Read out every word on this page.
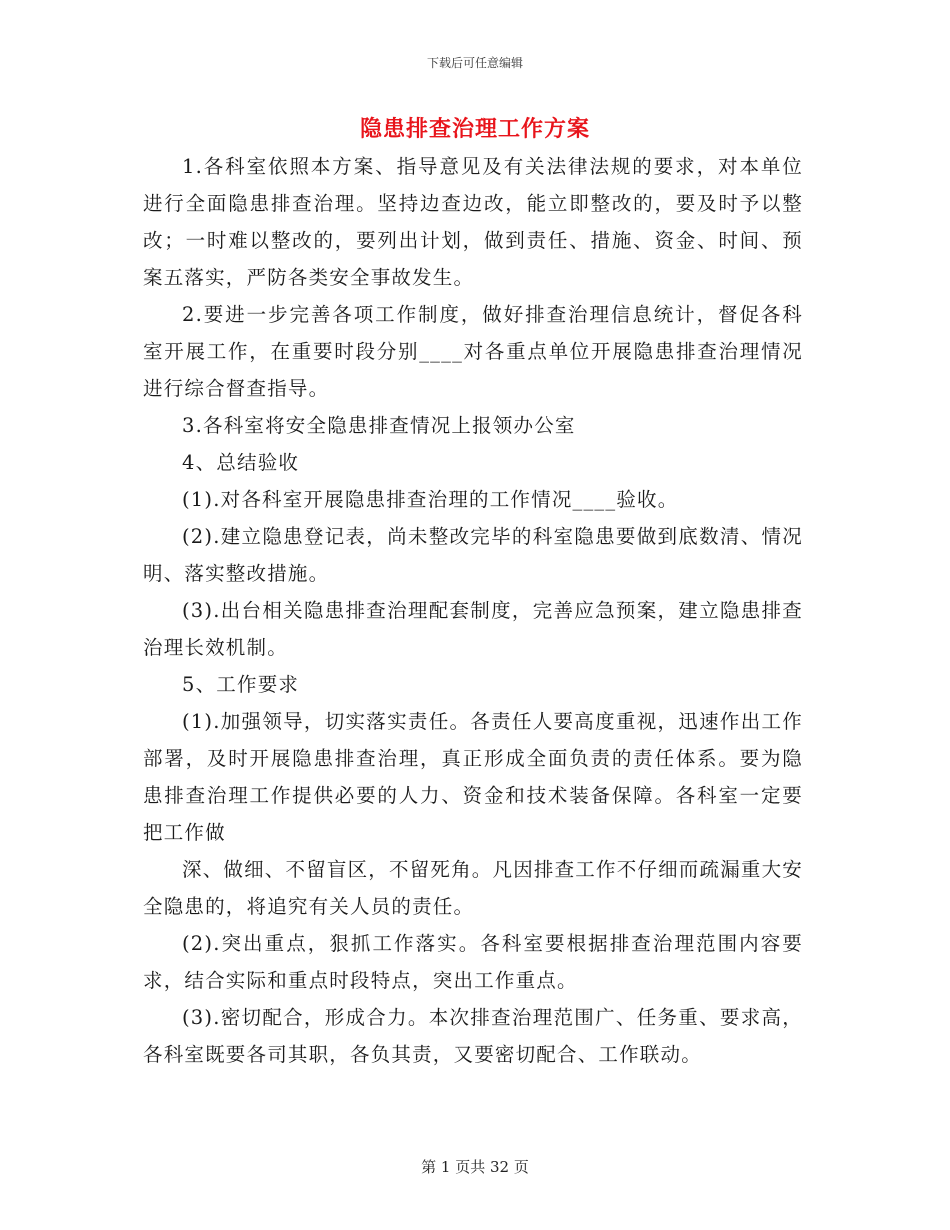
下载后可任意编辑
隐患排查治理工作方案

1.各科室依照本方案、指导意见及有关法律法规的要求，对本单位进行全面隐患排查治理。坚持边查边改，能立即整改的，要及时予以整改；一时难以整改的，要列出计划，做到责任、措施、资金、时间、预案五落实，严防各类安全事故发生。

2.要进一步完善各项工作制度，做好排查治理信息统计，督促各科室开展工作，在重要时段分别____对各重点单位开展隐患排查治理情况进行综合督查指导。

3.各科室将安全隐患排查情况上报领办公室

4、总结验收

(1).对各科室开展隐患排查治理的工作情况____验收。

(2).建立隐患登记表，尚未整改完毕的科室隐患要做到底数清、情况明、落实整改措施。

(3).出台相关隐患排查治理配套制度，完善应急预案，建立隐患排查治理长效机制。

5、工作要求

(1).加强领导，切实落实责任。各责任人要高度重视，迅速作出工作部署，及时开展隐患排查治理，真正形成全面负责的责任体系。要为隐患排查治理工作提供必要的人力、资金和技术装备保障。各科室一定要把工作做

深、做细、不留盲区，不留死角。凡因排查工作不仔细而疏漏重大安全隐患的，将追究有关人员的责任。

(2).突出重点，狠抓工作落实。各科室要根据排查治理范围内容要求，结合实际和重点时段特点，突出工作重点。

(3).密切配合，形成合力。本次排查治理范围广、任务重、要求高，各科室既要各司其职，各负其责，又要密切配合、工作联动。

第 1 页共 32 页
